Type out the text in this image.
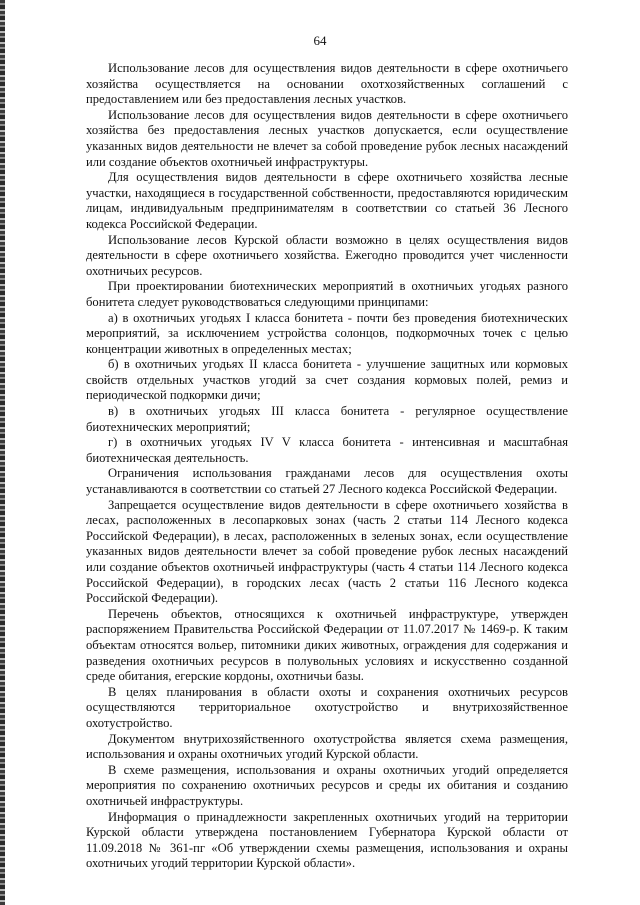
64

Использование лесов для осуществления видов деятельности в сфере охотничьего хозяйства осуществляется на основании охотхозяйственных соглашений с предоставлением или без предоставления лесных участков.

Использование лесов для осуществления видов деятельности в сфере охотничьего хозяйства без предоставления лесных участков допускается, если осуществление указанных видов деятельности не влечет за собой проведение рубок лесных насаждений или создание объектов охотничьей инфраструктуры.

Для осуществления видов деятельности в сфере охотничьего хозяйства лесные участки, находящиеся в государственной собственности, предоставляются юридическим лицам, индивидуальным предпринимателям в соответствии со статьей 36 Лесного кодекса Российской Федерации.

Использование лесов Курской области возможно в целях осуществления видов деятельности в сфере охотничьего хозяйства. Ежегодно проводится учет численности охотничьих ресурсов.

При проектировании биотехнических мероприятий в охотничьих угодьях разного бонитета следует руководствоваться следующими принципами:

а) в охотничьих угодьях I класса бонитета - почти без проведения биотехнических мероприятий, за исключением устройства солонцов, подкормочных точек с целью концентрации животных в определенных местах;

б) в охотничьих угодьях II класса бонитета - улучшение защитных или кормовых свойств отдельных участков угодий за счет создания кормовых полей, ремиз и периодической подкормки дичи;

в) в охотничьих угодьях III класса бонитета - регулярное осуществление биотехнических мероприятий;

г) в охотничьих угодьях IV V класса бонитета - интенсивная и масштабная биотехническая деятельность.

Ограничения использования гражданами лесов для осуществления охоты устанавливаются в соответствии со статьей 27 Лесного кодекса Российской Федерации.

Запрещается осуществление видов деятельности в сфере охотничьего хозяйства в лесах, расположенных в лесопарковых зонах (часть 2 статьи 114 Лесного кодекса Российской Федерации), в лесах, расположенных в зеленых зонах, если осуществление указанных видов деятельности влечет за собой проведение рубок лесных насаждений или создание объектов охотничьей инфраструктуры (часть 4 статьи 114 Лесного кодекса Российской Федерации), в городских лесах (часть 2 статьи 116 Лесного кодекса Российской Федерации).

Перечень объектов, относящихся к охотничьей инфраструктуре, утвержден распоряжением Правительства Российской Федерации от 11.07.2017 № 1469-р. К таким объектам относятся вольер, питомники диких животных, ограждения для содержания и разведения охотничьих ресурсов в полувольных условиях и искусственно созданной среде обитания, егерские кордоны, охотничьи базы.

В целях планирования в области охоты и сохранения охотничьих ресурсов осуществляются территориальное охотустройство и внутрихозяйственное охотустройство.

Документом внутрихозяйственного охотустройства является схема размещения, использования и охраны охотничьих угодий Курской области.

В схеме размещения, использования и охраны охотничьих угодий определяется мероприятия по сохранению охотничьих ресурсов и среды их обитания и созданию охотничьей инфраструктуры.

Информация о принадлежности закрепленных охотничьих угодий на территории Курской области утверждена постановлением Губернатора Курской области от 11.09.2018 № 361-пг «Об утверждении схемы размещения, использования и охраны охотничьих угодий территории Курской области».
